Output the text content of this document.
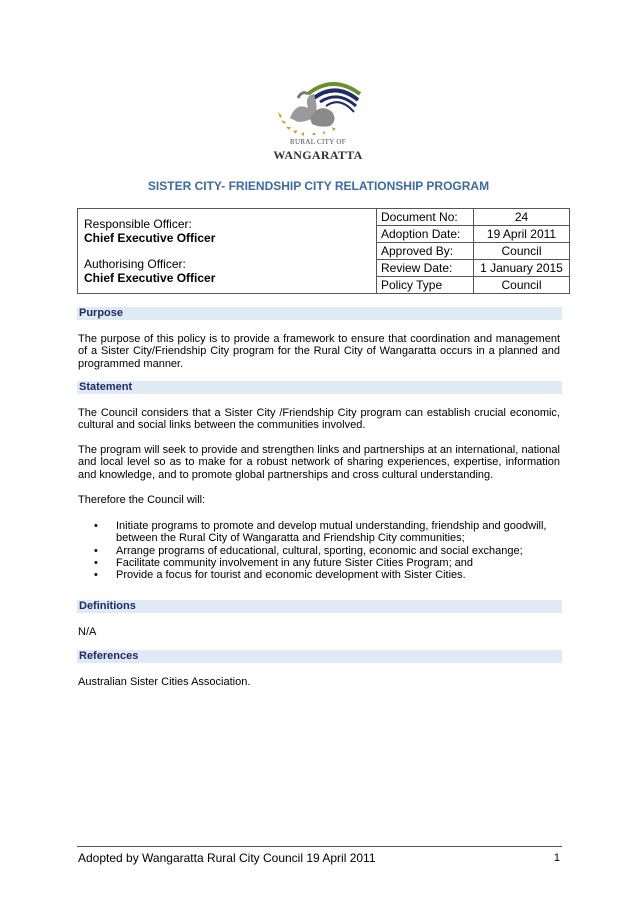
RURAL CITY OF
WANGARATTA
SISTER CITY- FRIENDSHIP CITY RELATIONSHIP PROGRAM
Responsible Officer:
Chief Executive Officer
Authorising Officer:
Chief Executive Officer	Document No:	24
	Adoption Date:	19 April 2011
	Approved By:	Council
	Review Date:	1 January 2015
	Policy Type	Council
Purpose
The purpose of this policy is to provide a framework to ensure that coordination and management of a Sister City/Friendship City program for the Rural City of Wangaratta occurs in a planned and programmed manner.
Statement
The Council considers that a Sister City /Friendship City program can establish crucial economic, cultural and social links between the communities involved.
The program will seek to provide and strengthen links and partnerships at an international, national and local level so as to make for a robust network of sharing experiences, expertise, information and knowledge, and to promote global partnerships and cross cultural understanding.
Therefore the Council will:
• Initiate programs to promote and develop mutual understanding, friendship and goodwill, between the Rural City of Wangaratta and Friendship City communities;
• Arrange programs of educational, cultural, sporting, economic and social exchange;
• Facilitate community involvement in any future Sister Cities Program; and
• Provide a focus for tourist and economic development with Sister Cities.
Definitions
N/A
References
Australian Sister Cities Association.
Adopted by Wangaratta Rural City Council 19 April 2011	1
